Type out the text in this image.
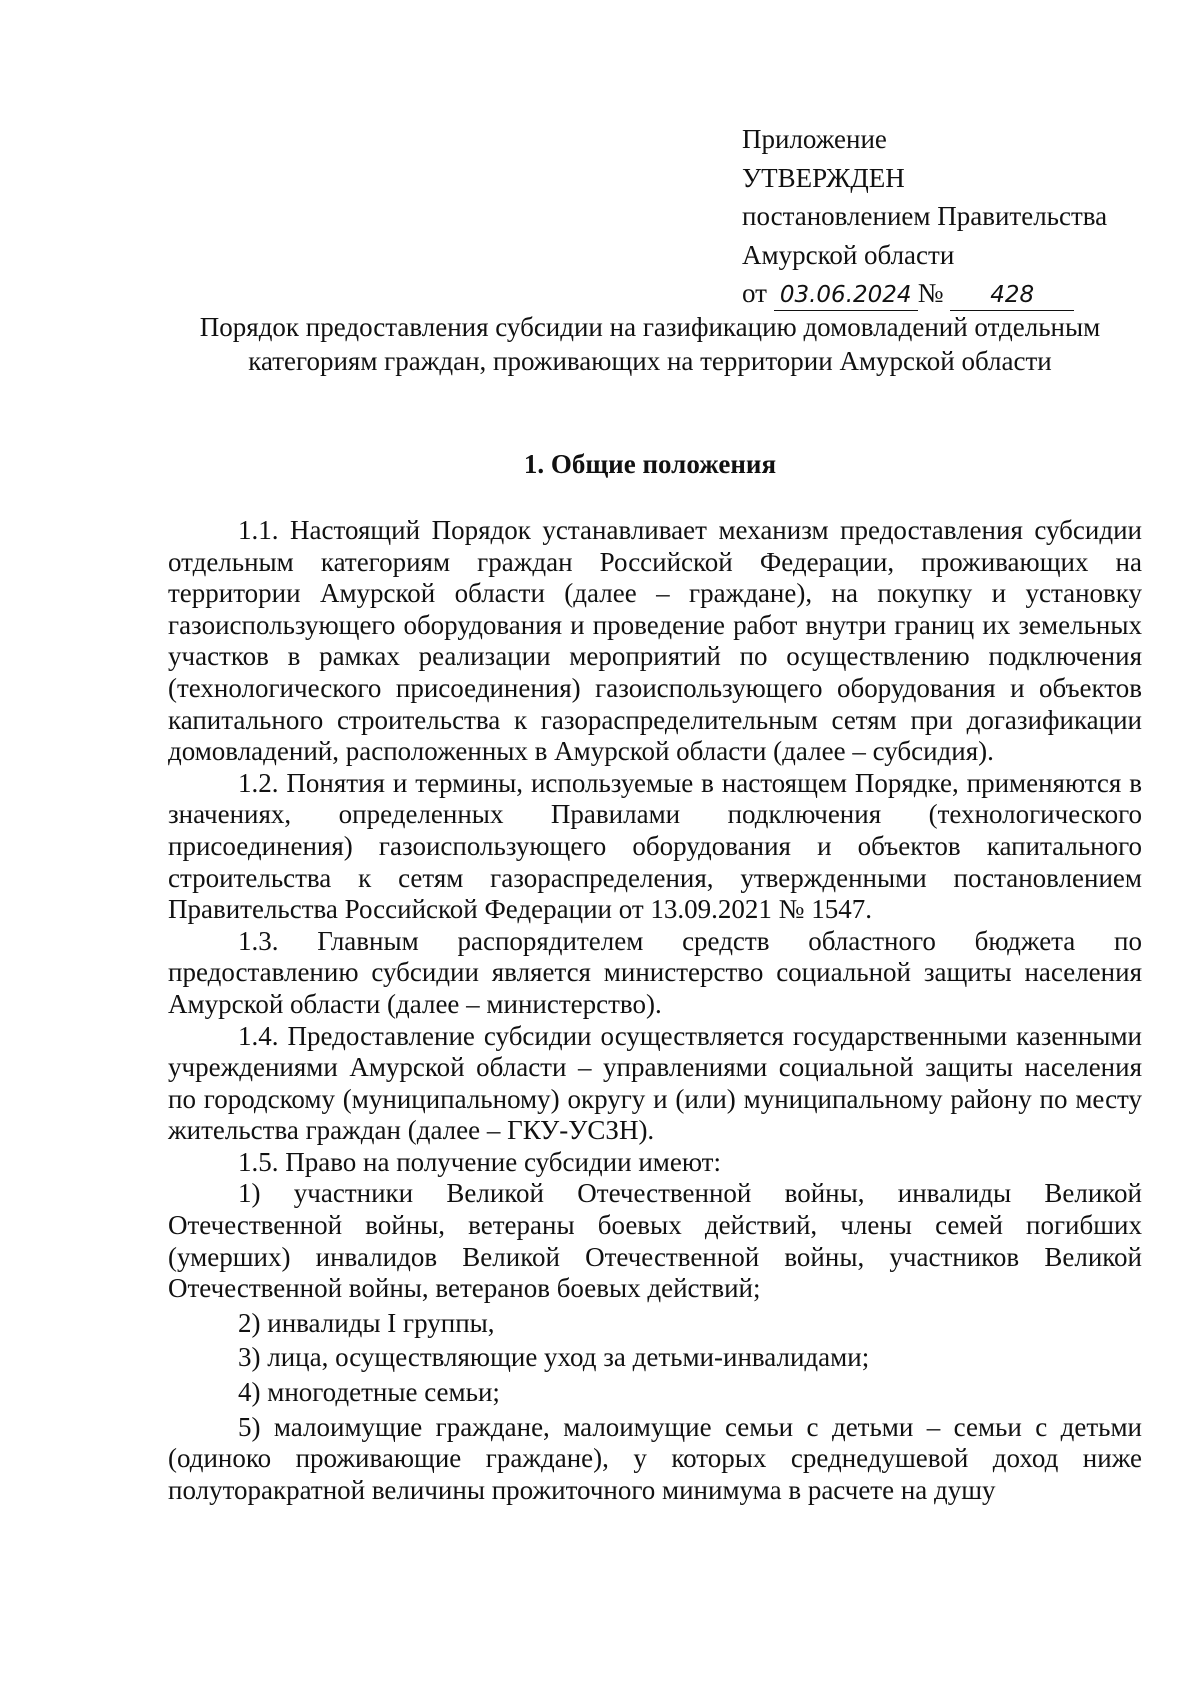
Приложение
УТВЕРЖДЕН
постановлением Правительства
Амурской области
от 03.06.2024 № 428
Порядок предоставления субсидии на газификацию домовладений отдельным категориям граждан, проживающих на территории Амурской области
1. Общие положения

1.1. Настоящий Порядок устанавливает механизм предоставления субсидии отдельным категориям граждан Российской Федерации, проживающих на территории Амурской области (далее – граждане), на покупку и установку газоиспользующего оборудования и проведение работ внутри границ их земельных участков в рамках реализации мероприятий по осуществлению подключения (технологического присоединения) газоиспользующего оборудования и объектов капитального строительства к газораспределительным сетям при догазификации домовладений, расположенных в Амурской области (далее – субсидия).

1.2. Понятия и термины, используемые в настоящем Порядке, применяются в значениях, определенных Правилами подключения (технологического присоединения) газоиспользующего оборудования и объектов капитального строительства к сетям газораспределения, утвержденными постановлением Правительства Российской Федерации от 13.09.2021 № 1547.

1.3. Главным распорядителем средств областного бюджета по предоставлению субсидии является министерство социальной защиты населения Амурской области (далее – министерство).

1.4. Предоставление субсидии осуществляется государственными казенными учреждениями Амурской области – управлениями социальной защиты населения по городскому (муниципальному) округу и (или) муниципальному району по месту жительства граждан (далее – ГКУ-УСЗН).

1.5. Право на получение субсидии имеют:

1) участники Великой Отечественной войны, инвалиды Великой Отечественной войны, ветераны боевых действий, члены семей погибших (умерших) инвалидов Великой Отечественной войны, участников Великой Отечественной войны, ветеранов боевых действий;

2) инвалиды I группы,

3) лица, осуществляющие уход за детьми-инвалидами;

4) многодетные семьи;

5) малоимущие граждане, малоимущие семьи с детьми – семьи с детьми (одиноко проживающие граждане), у которых среднедушевой доход ниже полуторакратной величины прожиточного минимума в расчете на душу
